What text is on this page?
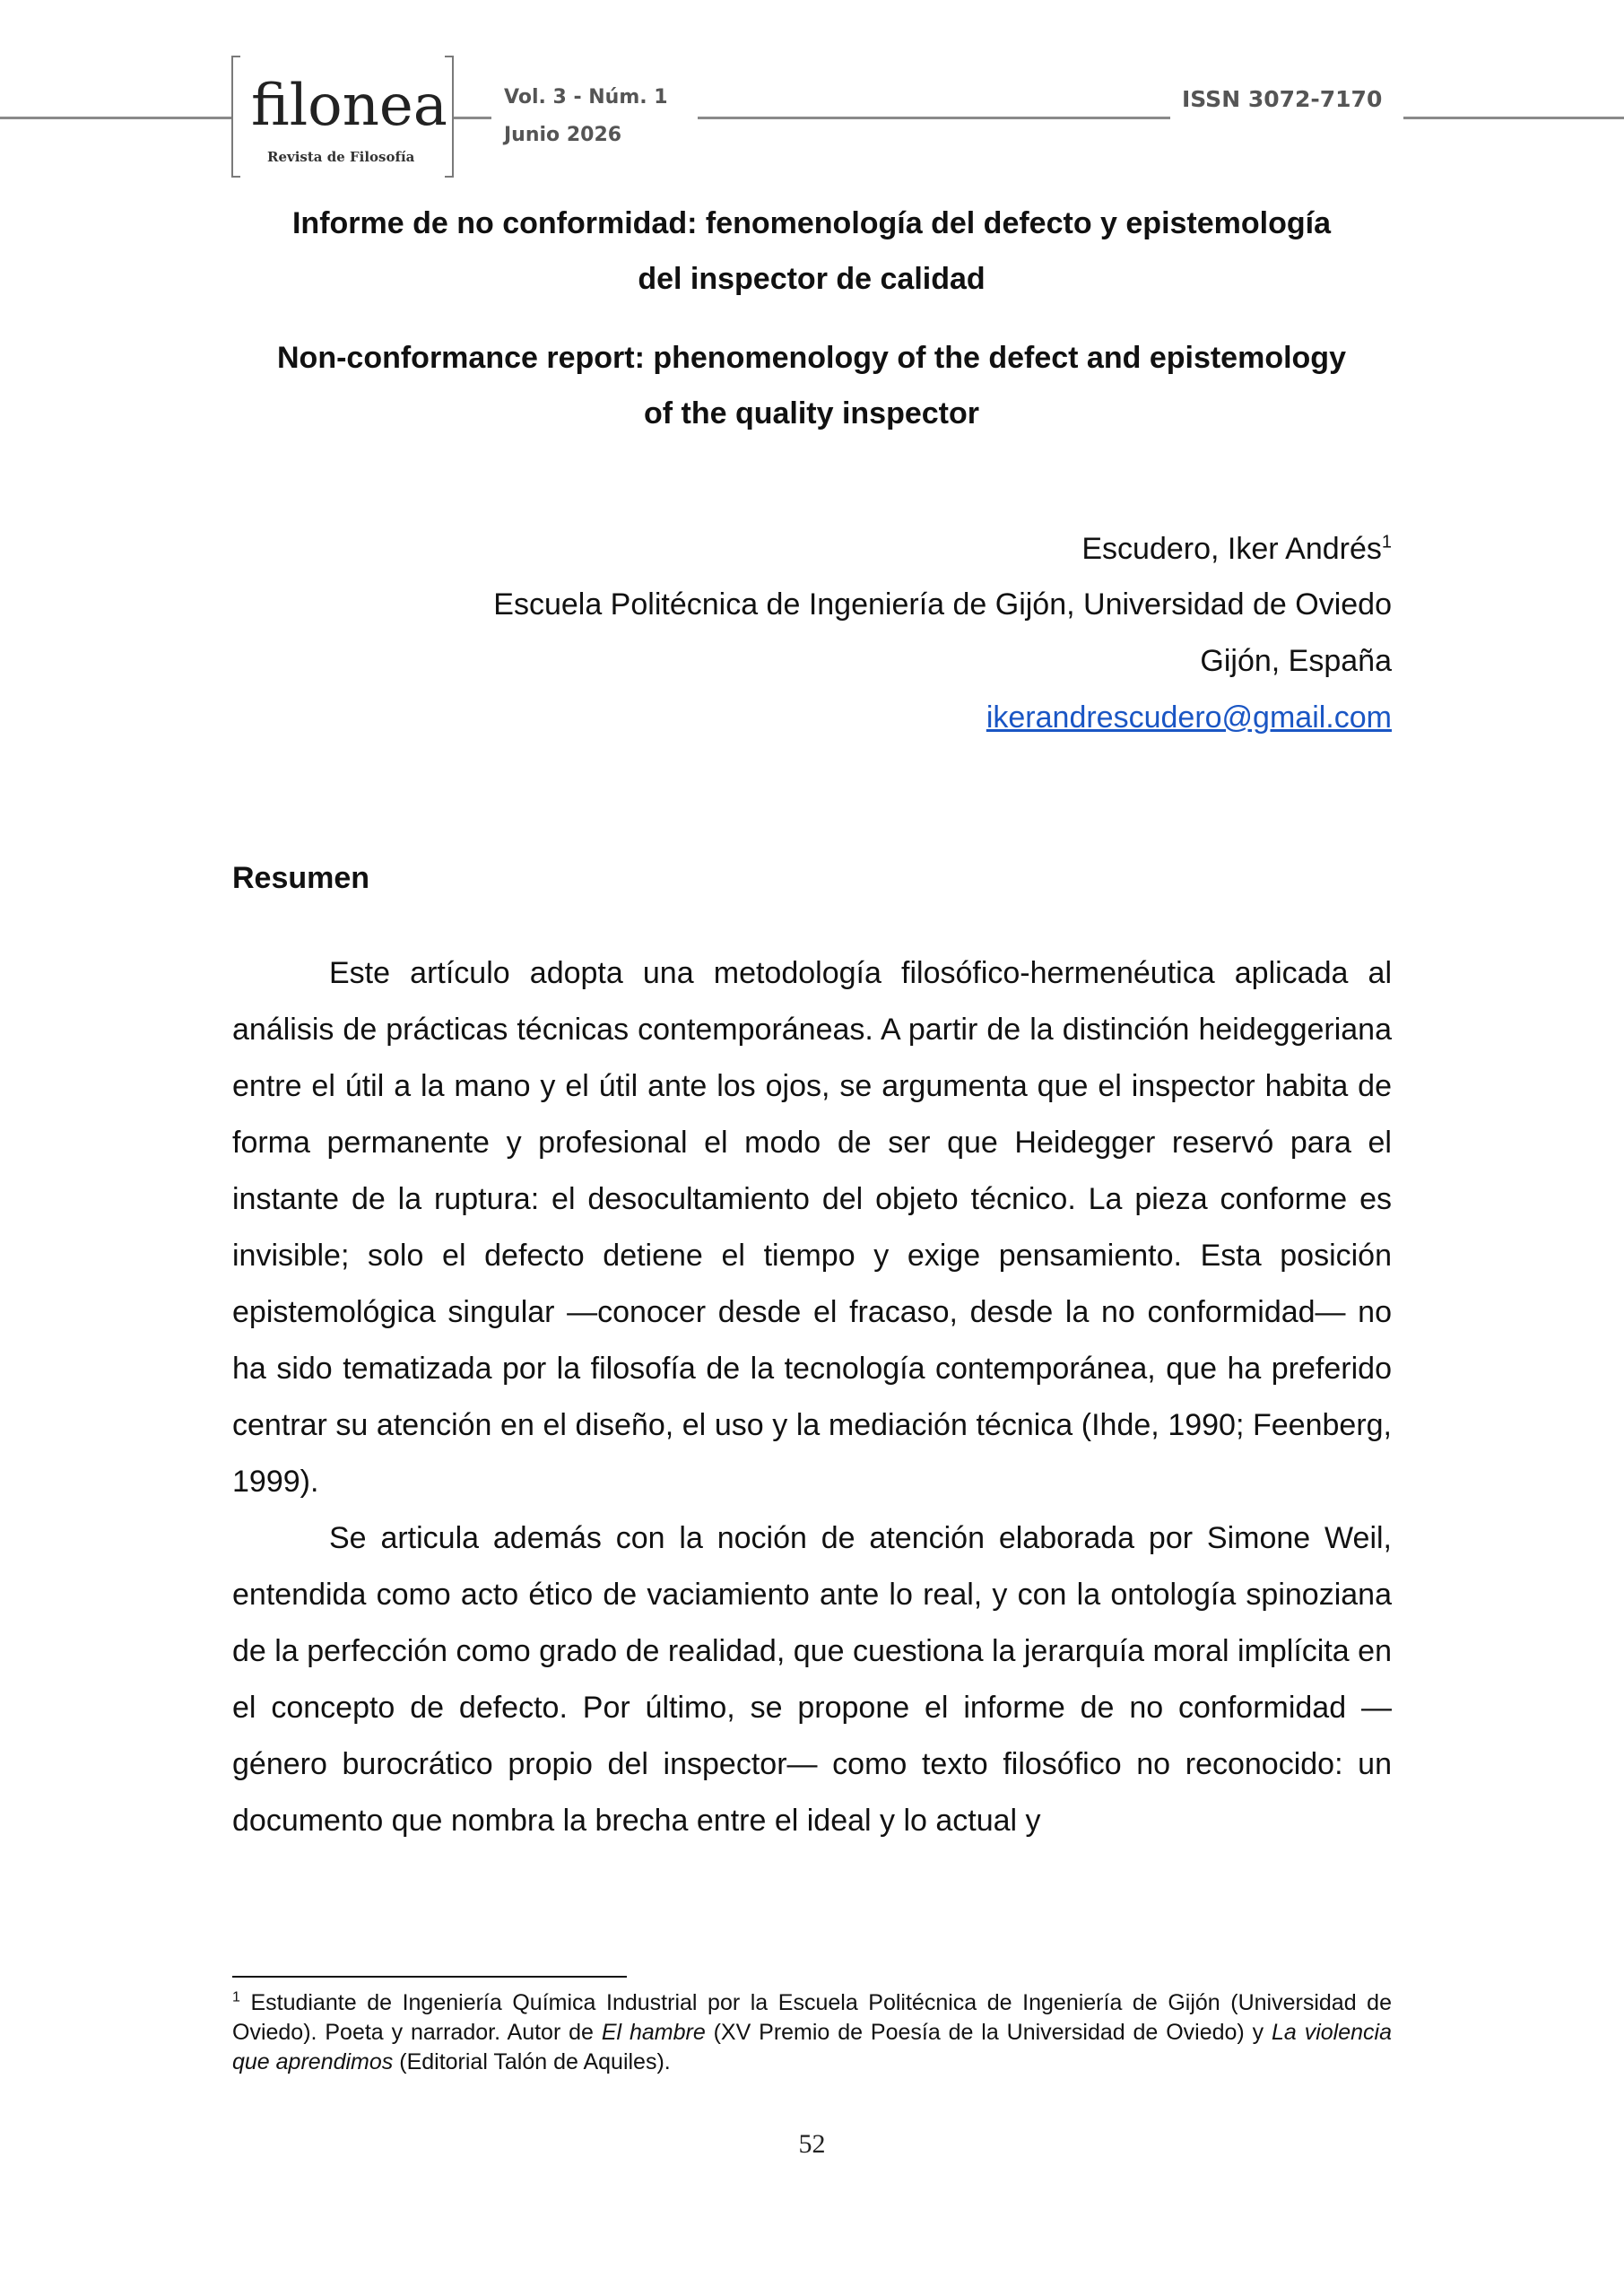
filonea
Revista de Filosofía
Vol. 3 - Núm. 1
Junio 2026
ISSN 3072-7170
Informe de no conformidad: fenomenología del defecto y epistemología
del inspector de calidad
Non-conformance report: phenomenology of the defect and epistemology
of the quality inspector
Escudero, Iker Andrés$^1$
Escuela Politécnica de Ingeniería de Gijón, Universidad de Oviedo
Gijón, España
ikerandrescudero@gmail.com
Resumen

Este artículo adopta una metodología filosófico-hermenéutica aplicada al análisis de prácticas técnicas contemporáneas. A partir de la distinción heideggeriana entre el útil a la mano y el útil ante los ojos, se argumenta que el inspector habita de forma permanente y profesional el modo de ser que Heidegger reservó para el instante de la ruptura: el desocultamiento del objeto técnico. La pieza conforme es invisible; solo el defecto detiene el tiempo y exige pensamiento. Esta posición epistemológica singular —conocer desde el fracaso, desde la no conformidad— no ha sido tematizada por la filosofía de la tecnología contemporánea, que ha preferido centrar su atención en el diseño, el uso y la mediación técnica (Ihde, 1990; Feenberg, 1999).

Se articula además con la noción de atención elaborada por Simone Weil, entendida como acto ético de vaciamiento ante lo real, y con la ontología spinoziana de la perfección como grado de realidad, que cuestiona la jerarquía moral implícita en el concepto de defecto. Por último, se propone el informe de no conformidad —género burocrático propio del inspector— como texto filosófico no reconocido: un documento que nombra la brecha entre el ideal y lo actual y

$^1$ Estudiante de Ingeniería Química Industrial por la Escuela Politécnica de Ingeniería de Gijón (Universidad de Oviedo). Poeta y narrador. Autor de El hambre (XV Premio de Poesía de la Universidad de Oviedo) y La violencia que aprendimos (Editorial Talón de Aquiles).
52
